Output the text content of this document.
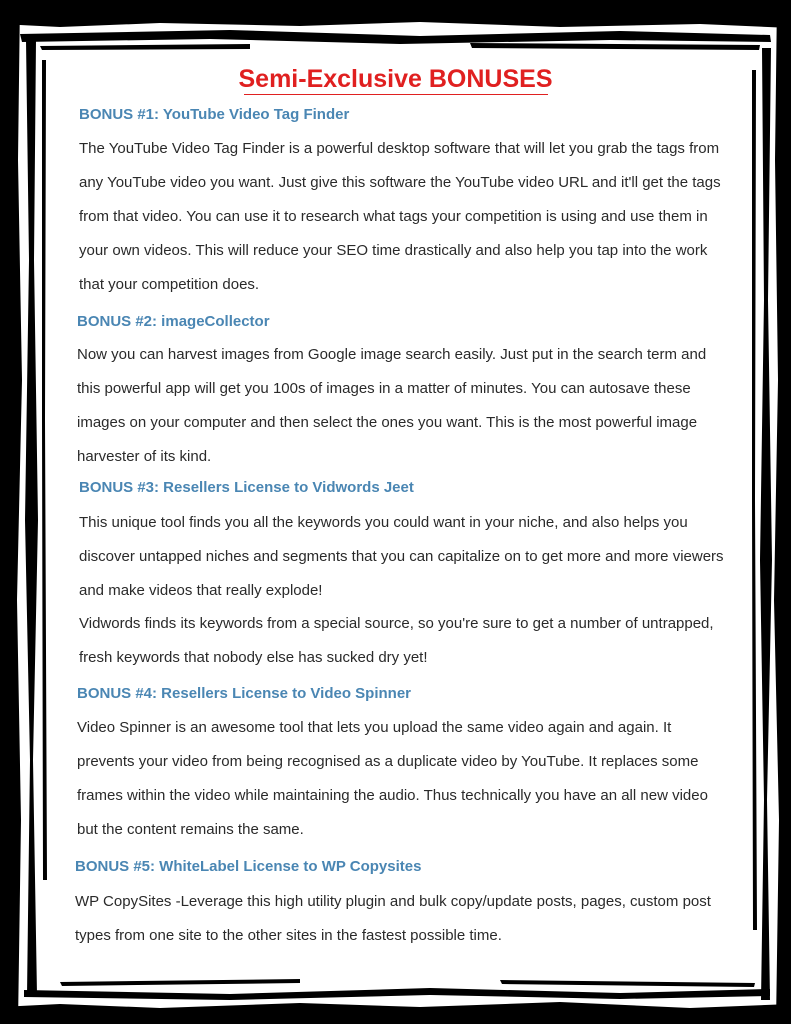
Semi-Exclusive BONUSES
BONUS #1: YouTube Video Tag Finder

The YouTube Video Tag Finder is a powerful desktop software that will let you grab the tags from any YouTube video you want. Just give this software the YouTube video URL and it'll get the tags from that video. You can use it to research what tags your competition is using and use them in your own videos. This will reduce your SEO time drastically and also help you tap into the work that your competition does.

BONUS #2: imageCollector

Now you can harvest images from Google image search easily. Just put in the search term and this powerful app will get you 100s of images in a matter of minutes. You can autosave these images on your computer and then select the ones you want. This is the most powerful image harvester of its kind.

BONUS #3: Resellers License to Vidwords Jeet

This unique tool finds you all the keywords you could want in your niche, and also helps you discover untapped niches and segments that you can capitalize on to get more and more viewers and make videos that really explode!

Vidwords finds its keywords from a special source, so you're sure to get a number of untrapped, fresh keywords that nobody else has sucked dry yet!

BONUS #4: Resellers License to Video Spinner

Video Spinner is an awesome tool that lets you upload the same video again and again. It prevents your video from being recognised as a duplicate video by YouTube. It replaces some frames within the video while maintaining the audio. Thus technically you have an all new video but the content remains the same.

BONUS #5: WhiteLabel License to WP Copysites

WP CopySites -Leverage this high utility plugin and bulk copy/update posts, pages, custom post types from one site to the other sites in the fastest possible time.
